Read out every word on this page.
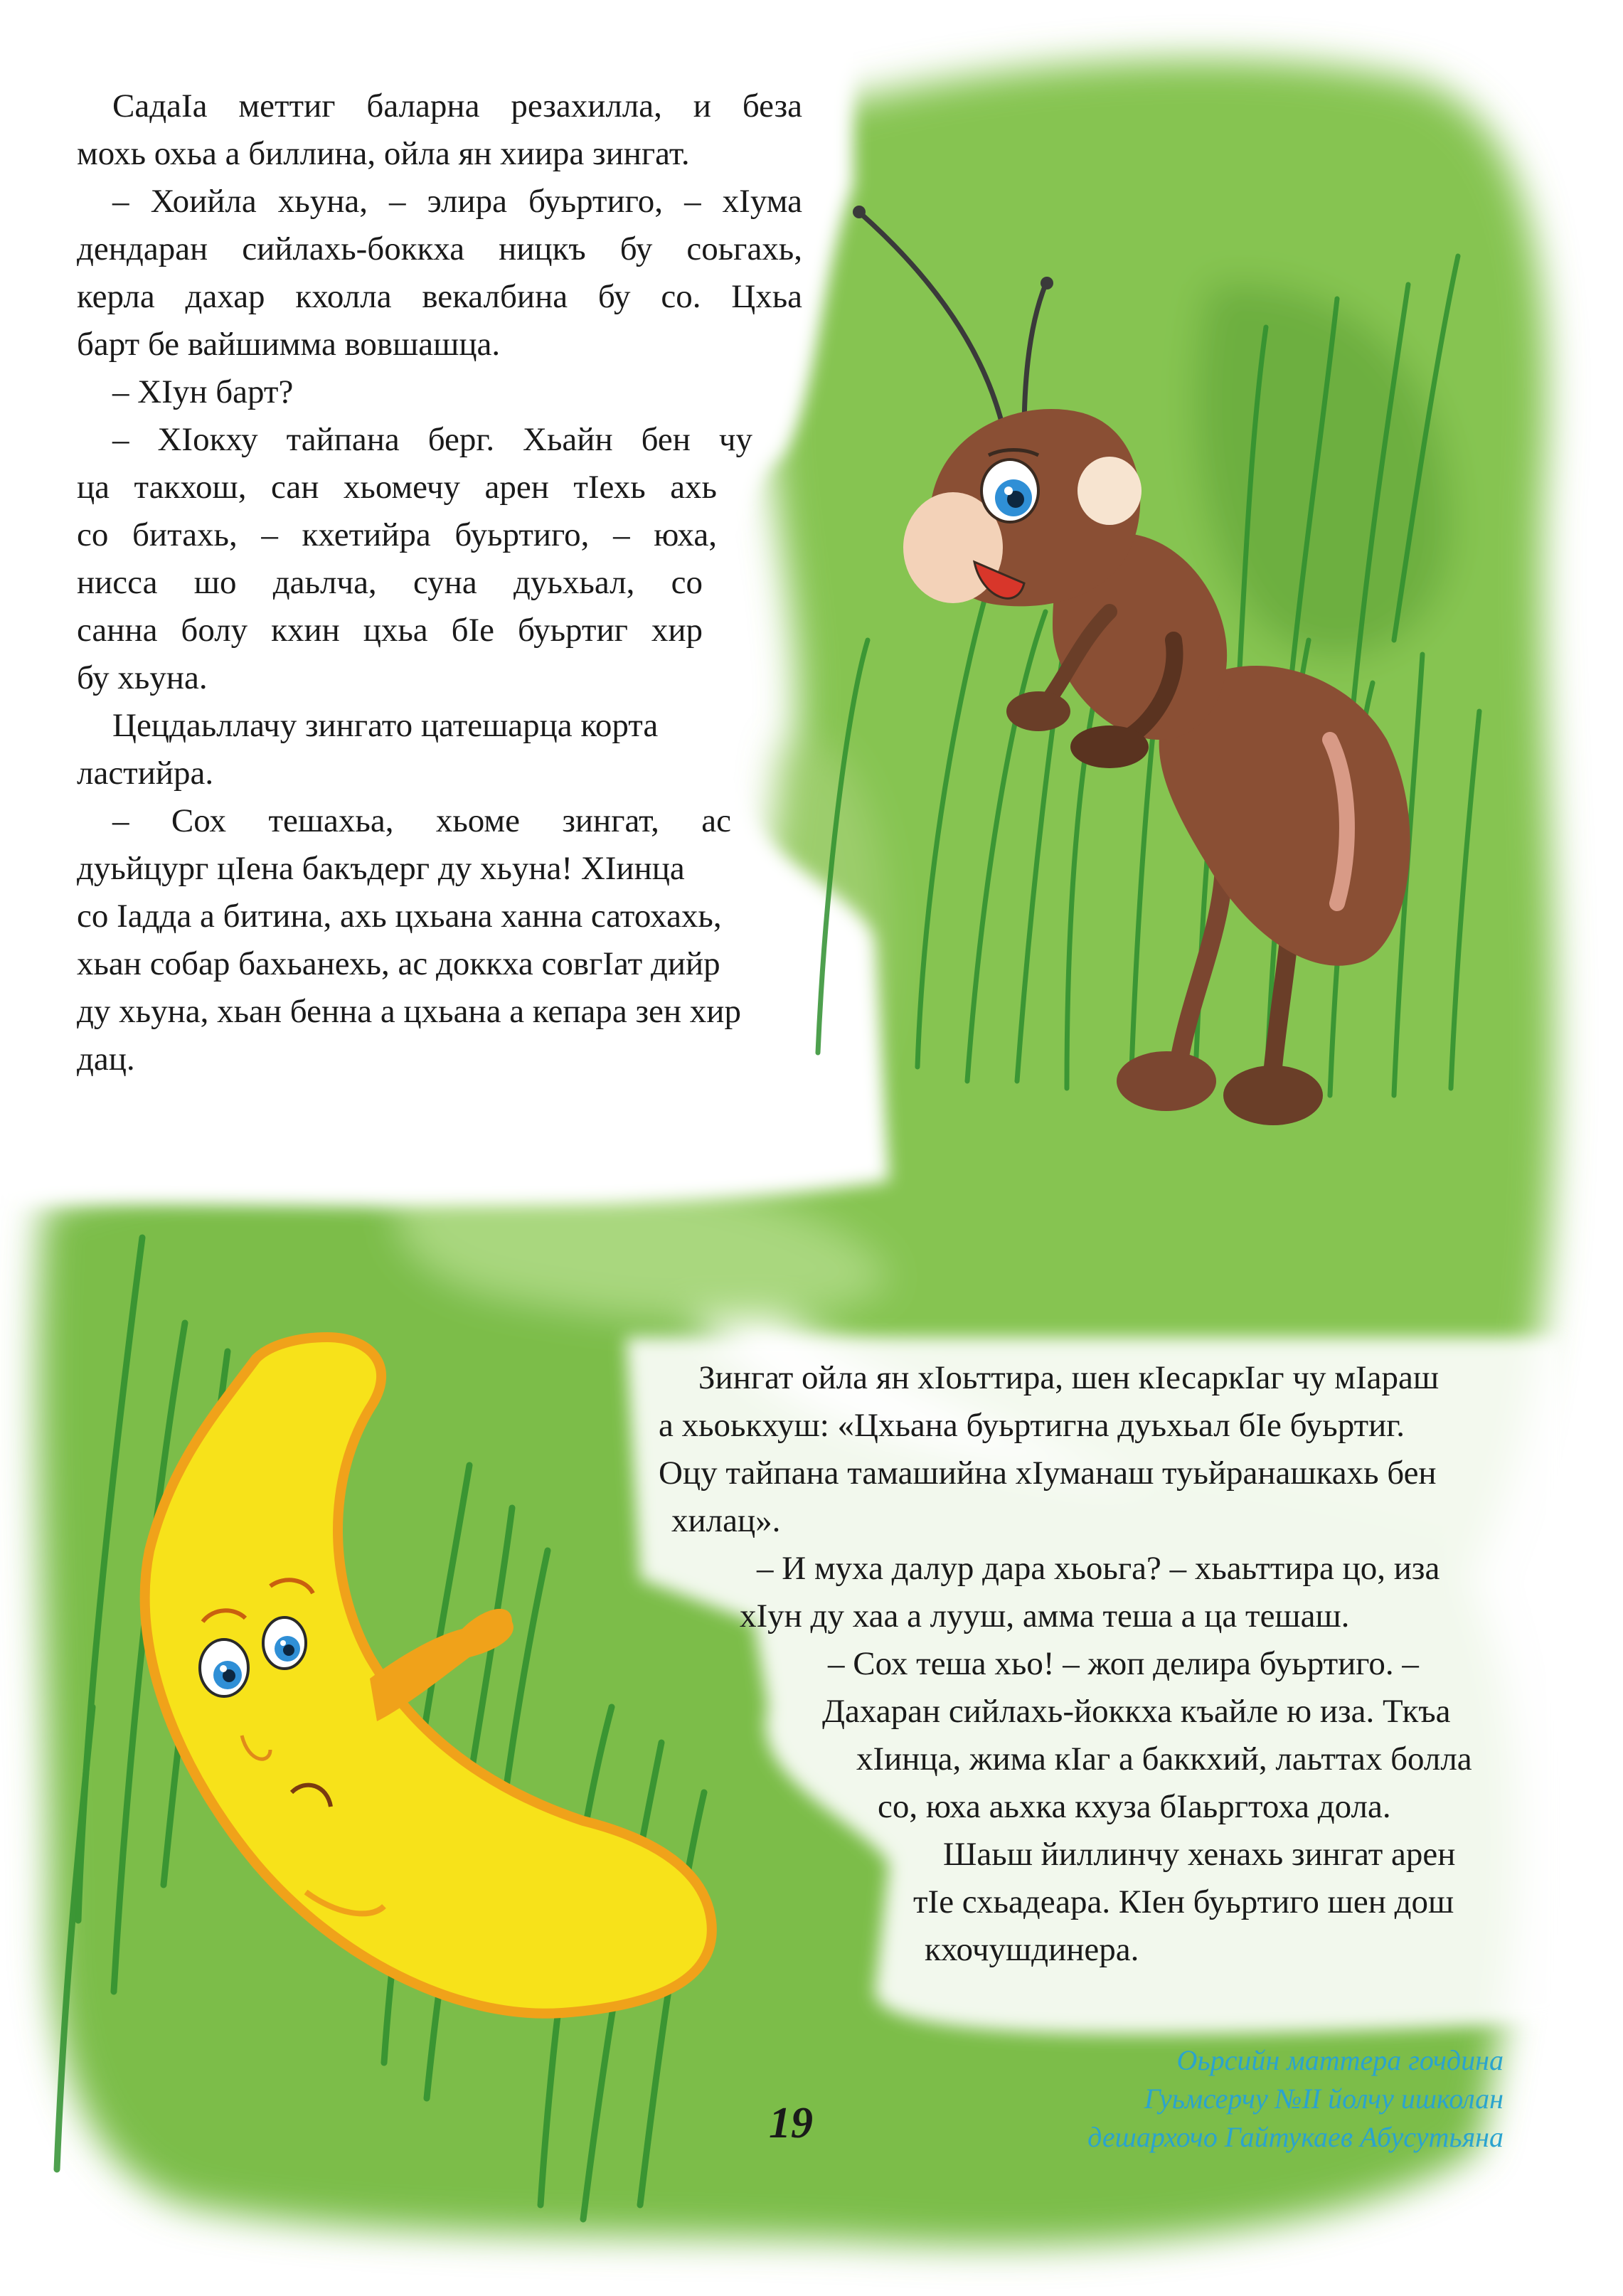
СадаIа меттиг баларна резахилла, и беза

мохь охьа а биллина, ойла ян хиира зингат.

– Хоийла хьуна, – элира буьртиго, – хIума

дендаран сийлахь-боккха ницкъ бу соьгахь,

керла дахар кхолла векалбина бу со. Цхьа

барт бе вайшимма вовшашца.

– ХIун барт?

– ХIокху тайпана берг. Хьайн бен чу

ца такхош, сан хьомечу арен тIехь ахь

со битахь, – кхетийра буьртиго, – юха,

нисса шо даьлча, суна дуьхьал, со

санна болу кхин цхьа бIе буьртиг хир

бу хьуна.

Цецдаьллачу зингато цатешарца корта

ластийра.

– Сох тешахьа, хьоме зингат, ас

дуьйцург цIена бакъдерг ду хьуна! ХIинца

со Iадда а битина, ахь цхьана ханна сатохахь,

хьан собар бахьанехь, ас доккха совгIат дийр

ду хьуна, хьан бенна а цхьана а кепара зен хир

дац.

Зингат ойла ян хIоьттира, шен кIесаркIаг чу мIараш

а хьоькхуш: «Цхьана буьртигна дуьхьал бIе буьртиг.

Оцу тайпана тамашийна хIуманаш туьйранашкахь бен

хилац».

– И муха далур дара хьоьга? – хьаьттира цо, иза

хIун ду хаа а лууш, амма теша а ца тешаш.

– Сох теша хьо! – жоп делира буьртиго. –

Дахаран сийлахь-йоккха къайле ю иза. Ткъа

хIинца, жима кIаг а баккхий, лаьттах болла

со, юха аьхка кхуза бIаьргтоха дола.

Шаьш йиллинчу хенахь зингат арен

тIе схьадеара. КIен буьртиго шен дош

кхочушдинера.

Оьрсийн маттера гочдина

Гуьмсерчу №II йолчу ишколан

дешархочо Гайтукаев Абусутьяна

19
